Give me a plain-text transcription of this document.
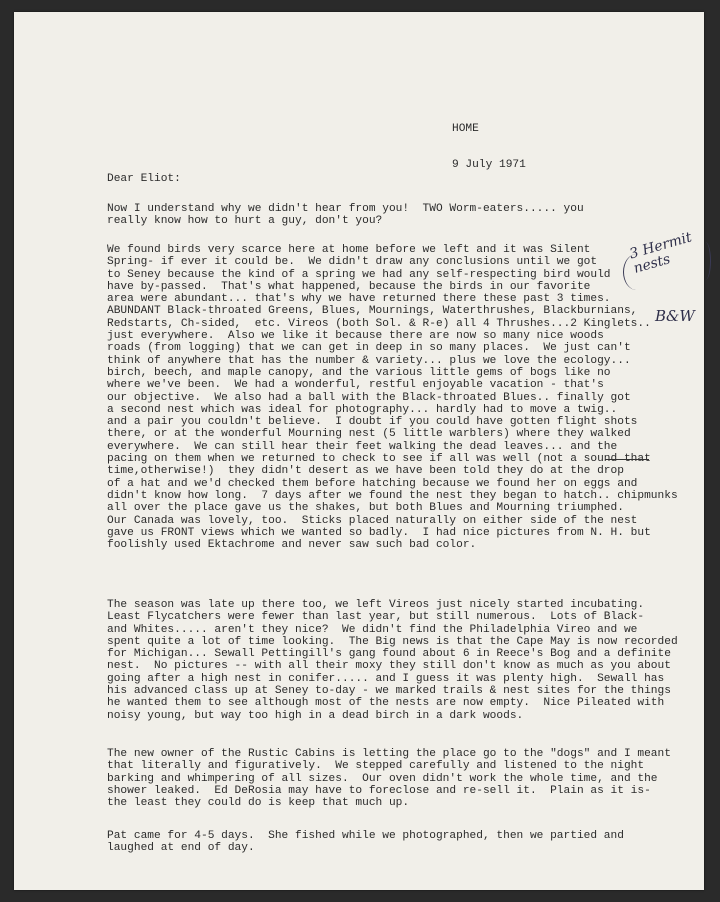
HOME

9 July 1971

Dear Eliot:
Now I understand why we didn't hear from you!  TWO Worm-eaters..... you
really know how to hurt a guy, don't you?
We found birds very scarce here at home before we left and it was Silent
Spring- if ever it could be.  We didn't draw any conclusions until we got
to Seney because the kind of a spring we had any self-respecting bird would
have by-passed.  That's what happened, because the birds in our favorite
area were abundant... that's why we have returned there these past 3 times.
ABUNDANT Black-throated Greens, Blues, Mournings, Waterthrushes, Blackburnians,
Redstarts, Ch-sided,  etc. Vireos (both Sol. & R-e) all 4 Thrushes...2 Kinglets..
just everywhere.  Also we like it because there are now so many nice woods
roads (from logging) that we can get in deep in so many places.  We just can't
think of anywhere that has the number & variety... plus we love the ecology...
birch, beech, and maple canopy, and the various little gems of bogs like no
where we've been.  We had a wonderful, restful enjoyable vacation - that's
our objective.  We also had a ball with the Black-throated Blues.. finally got
a second nest which was ideal for photography... hardly had to move a twig..
and a pair you couldn't believe.  I doubt if you could have gotten flight shots
there, or at the wonderful Mourning nest (5 little warblers) where they walked
everywhere.  We can still hear their feet walking the dead leaves... and the
pacing on them when we returned to check to see if all was well (not a sound that
time,otherwise!)  they didn't desert as we have been told they do at the drop
of a hat and we'd checked them before hatching because we found her on eggs and
didn't know how long.  7 days after we found the nest they began to hatch.. chipmunks
all over the place gave us the shakes, but both Blues and Mourning triumphed.
Our Canada was lovely, too.  Sticks placed naturally on either side of the nest
gave us FRONT views which we wanted so badly.  I had nice pictures from N. H. but
foolishly used Ektachrome and never saw such bad color.
The season was late up there too, we left Vireos just nicely started incubating.
Least Flycatchers were fewer than last year, but still numerous.  Lots of Black-
and Whites..... aren't they nice?  We didn't find the Philadelphia Vireo and we
spent quite a lot of time looking.  The Big news is that the Cape May is now recorded
for Michigan... Sewall Pettingill's gang found about 6 in Reece's Bog and a definite
nest.  No pictures -- with all their moxy they still don't know as much as you about
going after a high nest in conifer..... and I guess it was plenty high.  Sewall has
his advanced class up at Seney to-day - we marked trails & nest sites for the things
he wanted them to see although most of the nests are now empty.  Nice Pileated with
noisy young, but way too high in a dead birch in a dark woods.
The new owner of the Rustic Cabins is letting the place go to the "dogs" and I meant
that literally and figuratively.  We stepped carefully and listened to the night
barking and whimpering of all sizes.  Our oven didn't work the whole time, and the
shower leaked.  Ed DeRosia may have to foreclose and re-sell it.  Plain as it is-
the least they could do is keep that much up.
Pat came for 4-5 days.  She fished while we photographed, then we partied and
laughed at end of day.
3 Hermit
nests
B&W
